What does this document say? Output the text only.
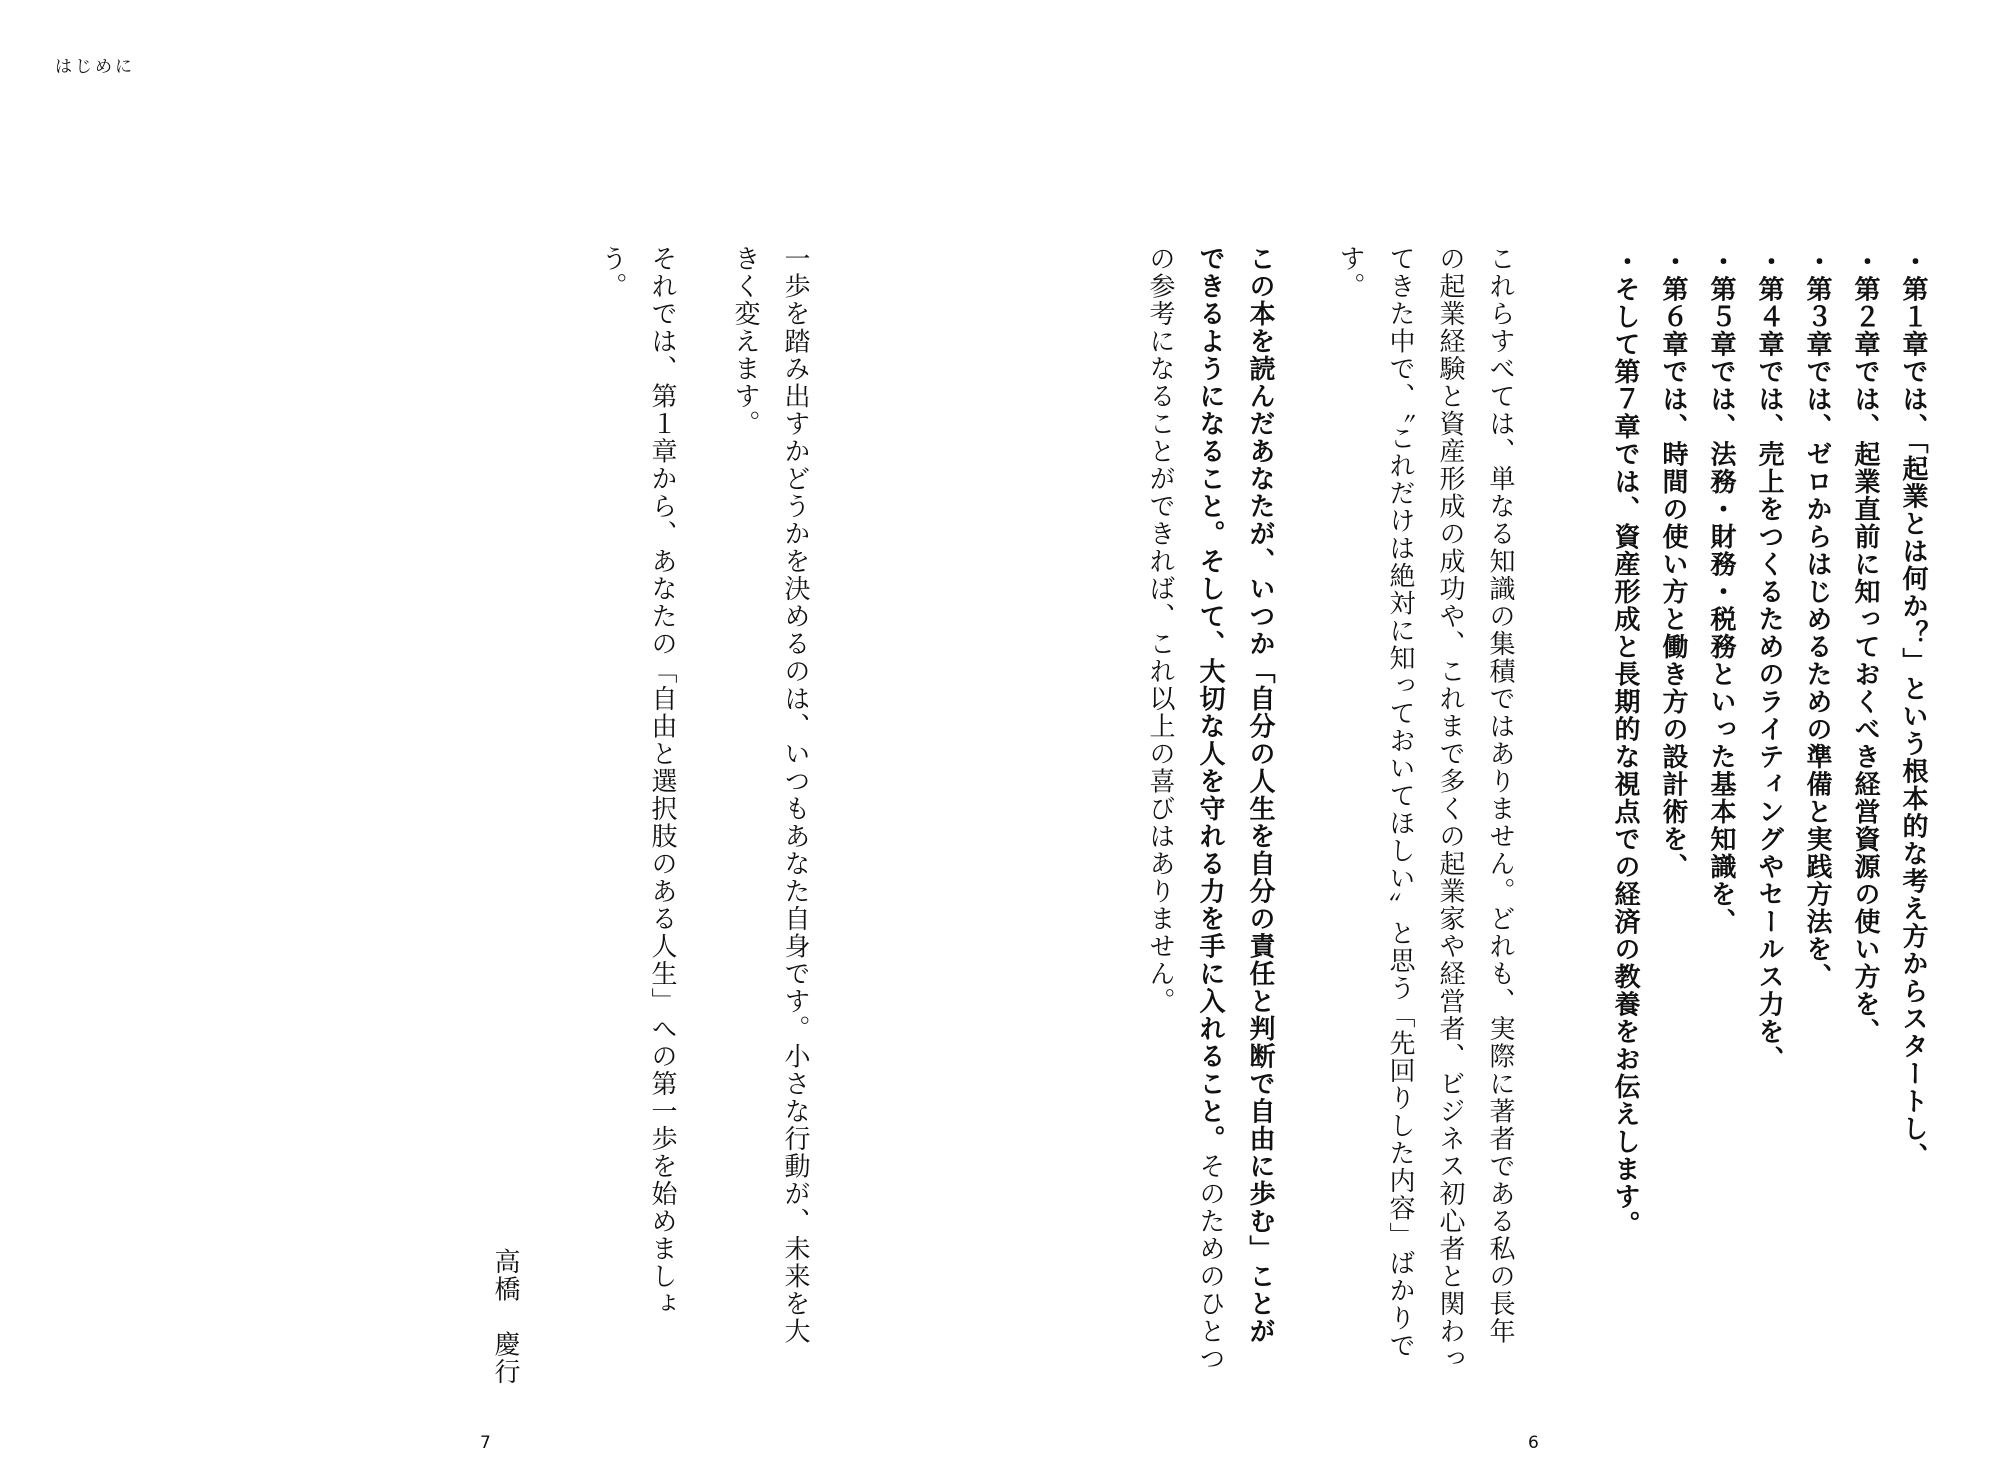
はじめに
・第１章では、「起業とは何か？」という根本的な考え方からスタートし、
・第２章では、起業直前に知っておくべき経営資源の使い方を、
・第３章では、ゼロからはじめるための準備と実践方法を、
・第４章では、売上をつくるためのライティングやセールス力を、
・第５章では、法務・財務・税務といった基本知識を、
・第６章では、時間の使い方と働き方の設計術を、
・そして第７章では、資産形成と長期的な視点での経済の教養をお伝えします。
これらすべては、単なる知識の集積ではありません。どれも、実際に著者である私の長年
の起業経験と資産形成の成功や、これまで多くの起業家や経営者、ビジネス初心者と関わっ
てきた中で、〝これだけは絶対に知っておいてほしい〟と思う「先回りした内容」ばかりで
す。
この本を読んだあなたが、いつか「自分の人生を自分の責任と判断で自由に歩む」ことが
できるようになること。そして、大切な人を守れる力を手に入れること。そのためのひとつ
の参考になることができれば、これ以上の喜びはありません。
一歩を踏み出すかどうかを決めるのは、いつもあなた自身です。小さな行動が、未来を大
きく変えます。
それでは、第１章から、あなたの「自由と選択肢のある人生」への第一歩を始めましょ
う。
高橋　慶行
7	6
